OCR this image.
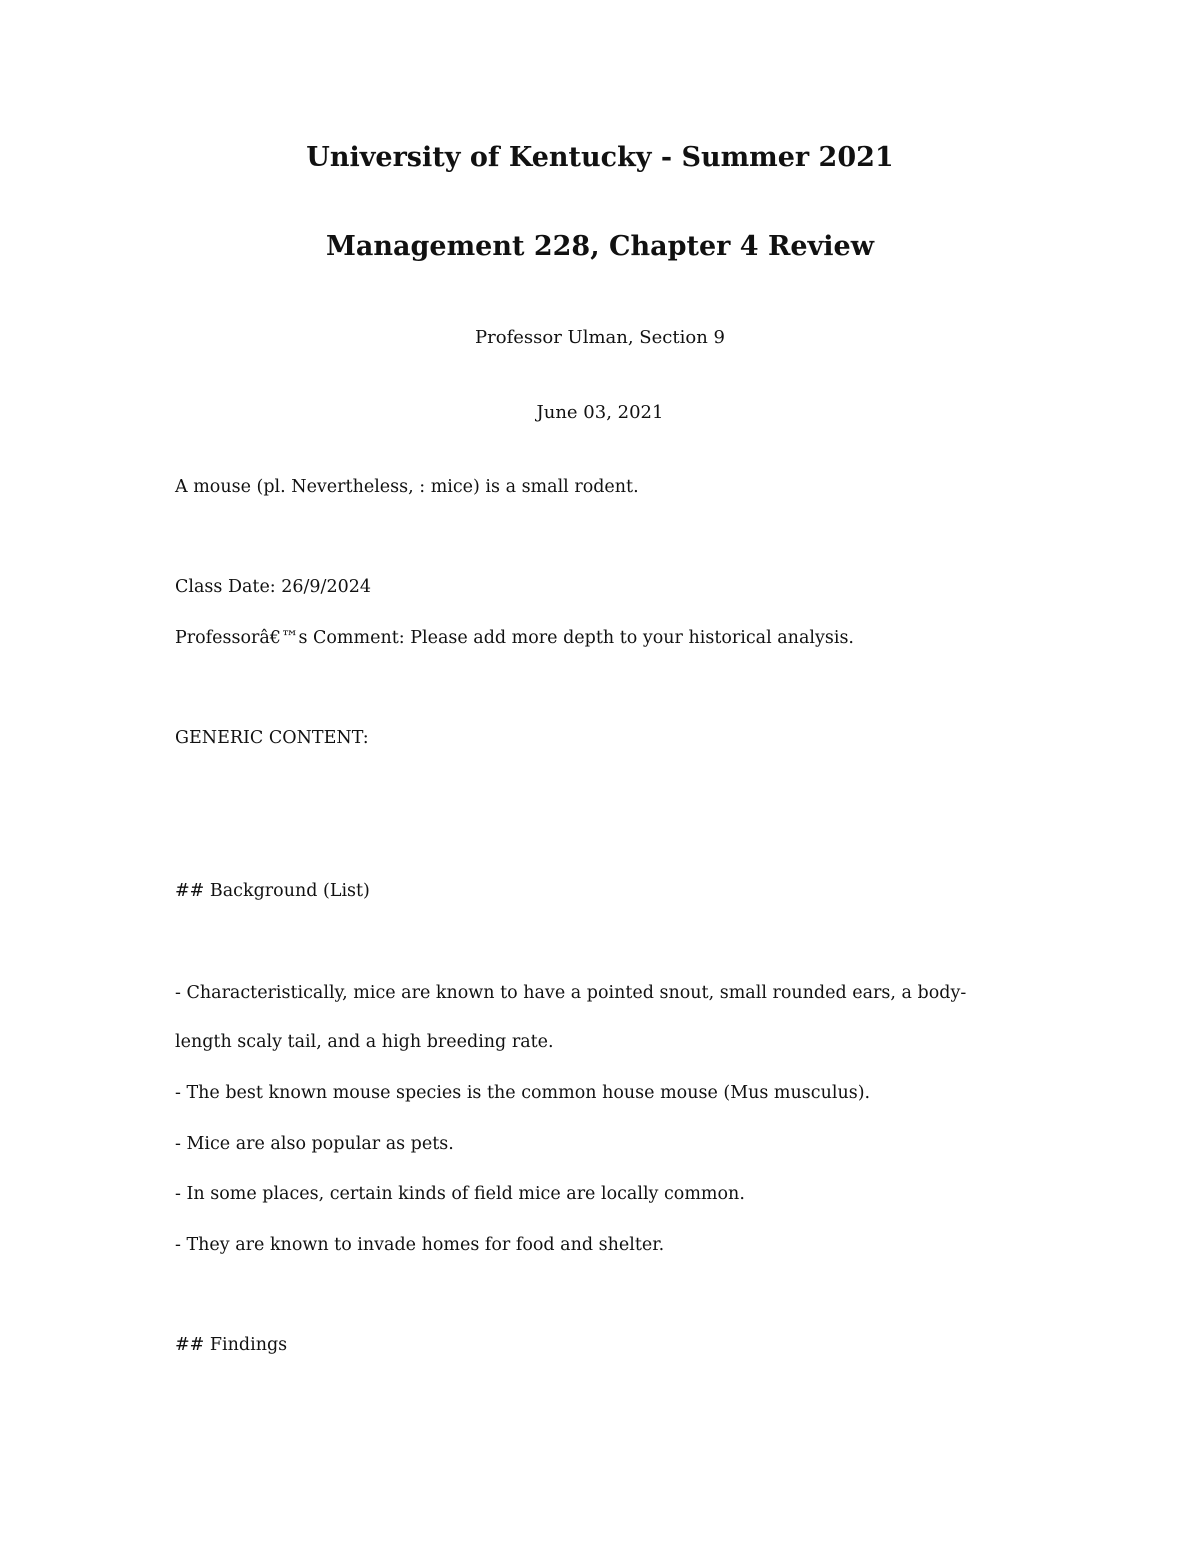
University of Kentucky - Summer 2021
Management 228, Chapter 4 Review

Professor Ulman, Section 9

June 03, 2021

A mouse (pl. Nevertheless, : mice) is a small rodent.

Class Date: 26/9/2024

Professorâ€™s Comment: Please add more depth to your historical analysis.

GENERIC CONTENT:

## Background (List)

- Characteristically, mice are known to have a pointed snout, small rounded ears, a body-

length scaly tail, and a high breeding rate.

- The best known mouse species is the common house mouse (Mus musculus).

- Mice are also popular as pets.

- In some places, certain kinds of field mice are locally common.

- They are known to invade homes for food and shelter.

## Findings
